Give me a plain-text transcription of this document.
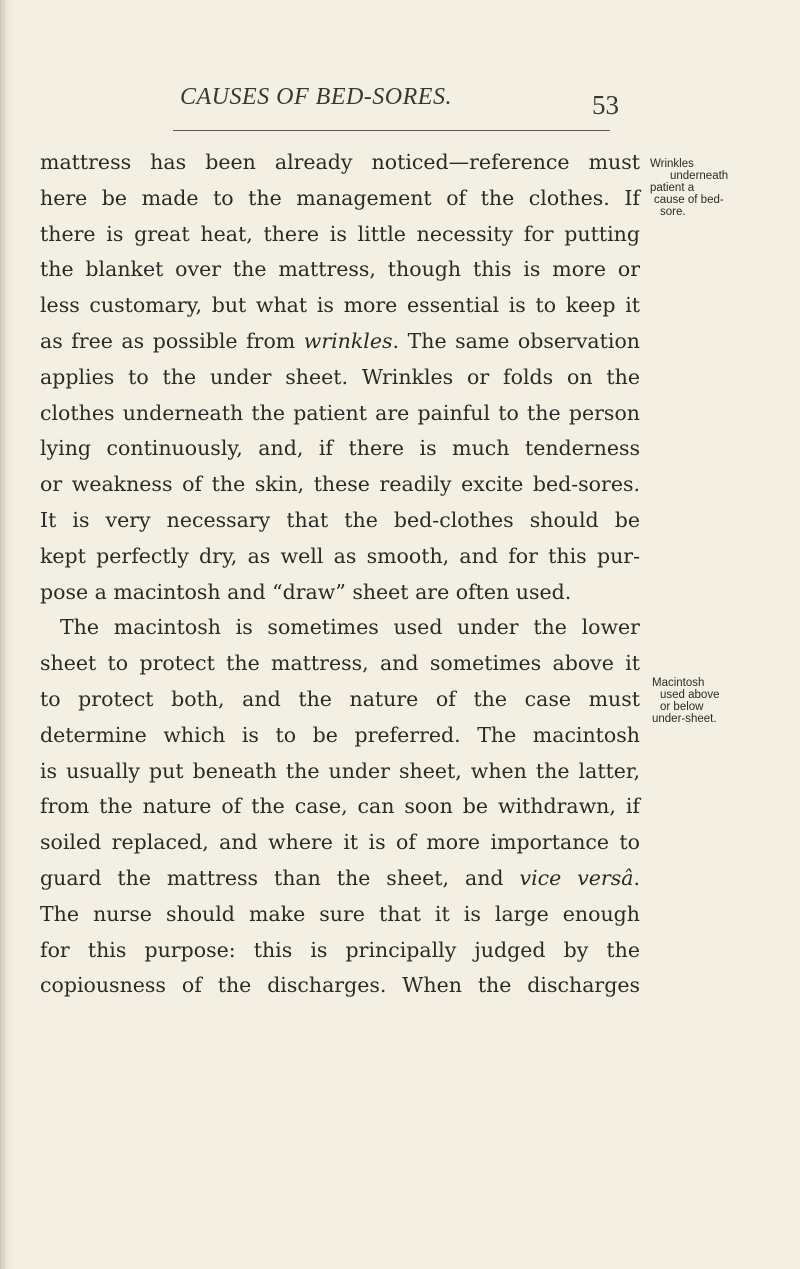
CAUSES OF BED-SORES.	53
mattress has been already noticed—reference must
here be made to the management of the clothes. If
there is great heat, there is little necessity for putting
the blanket over the mattress, though this is more or
less customary, but what is more essential is to keep it
as free as possible from wrinkles. The same observation
applies to the under sheet. Wrinkles or folds on the
clothes underneath the patient are painful to the person
lying continuously, and, if there is much tenderness
or weakness of the skin, these readily excite bed-sores.
It is very necessary that the bed-clothes should be
kept perfectly dry, as well as smooth, and for this pur-
pose a macintosh and “draw” sheet are often used.
The macintosh is sometimes used under the lower
sheet to protect the mattress, and sometimes above it
to protect both, and the nature of the case must
determine which is to be preferred. The macintosh
is usually put beneath the under sheet, when the latter,
from the nature of the case, can soon be withdrawn, if
soiled replaced, and where it is of more importance to
guard the mattress than the sheet, and vice versâ.
The nurse should make sure that it is large enough
for this purpose: this is principally judged by the
copiousness of the discharges. When the discharges
Wrinkles
underneath
patient a
cause of bed-
sore.
Macintosh
used above
or below
under-sheet.
